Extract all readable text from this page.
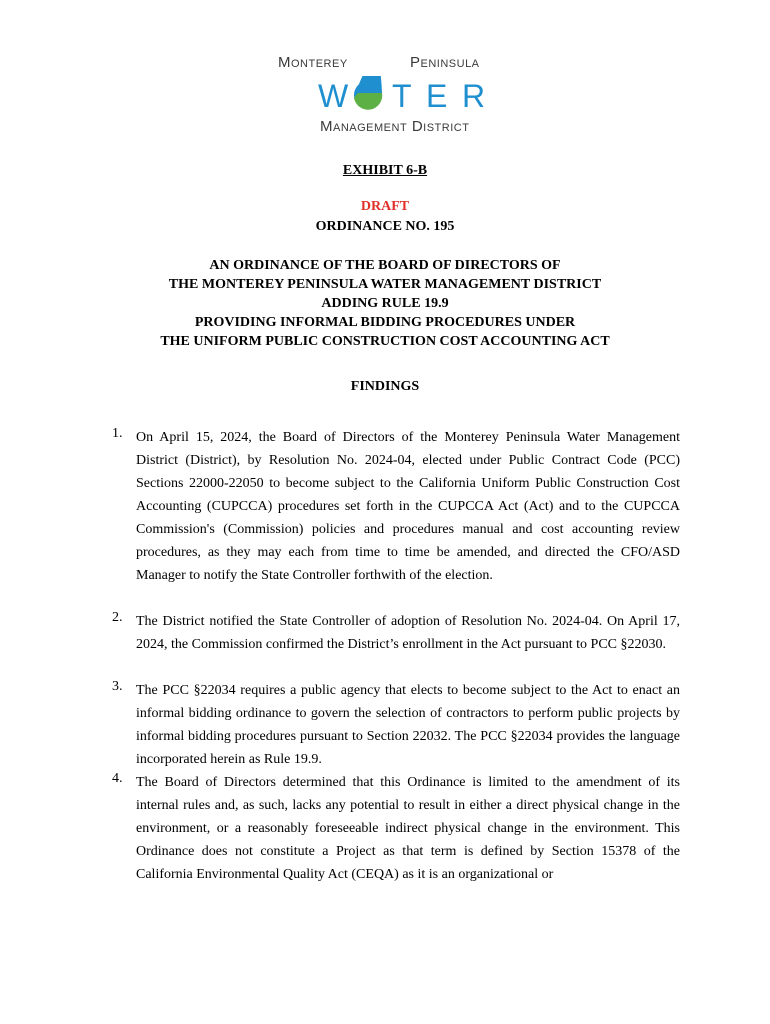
Monterey	Peninsula
W T E R
Management District
EXHIBIT 6-B
DRAFT
ORDINANCE NO. 195
AN ORDINANCE OF THE BOARD OF DIRECTORS OF
THE MONTEREY PENINSULA WATER MANAGEMENT DISTRICT
ADDING RULE 19.9
PROVIDING INFORMAL BIDDING PROCEDURES UNDER
THE UNIFORM PUBLIC CONSTRUCTION COST ACCOUNTING ACT
FINDINGS
1. On April 15, 2024, the Board of Directors of the Monterey Peninsula Water Management District (District), by Resolution No. 2024-04, elected under Public Contract Code (PCC) Sections 22000-22050 to become subject to the California Uniform Public Construction Cost Accounting (CUPCCA) procedures set forth in the CUPCCA Act (Act) and to the CUPCCA Commission's (Commission) policies and procedures manual and cost accounting review procedures, as they may each from time to time be amended, and directed the CFO/ASD Manager to notify the State Controller forthwith of the election.
2. The District notified the State Controller of adoption of Resolution No. 2024-04. On April 17, 2024, the Commission confirmed the District’s enrollment in the Act pursuant to PCC §22030.
3. The PCC §22034 requires a public agency that elects to become subject to the Act to enact an informal bidding ordinance to govern the selection of contractors to perform public projects by informal bidding procedures pursuant to Section 22032. The PCC §22034 provides the language incorporated herein as Rule 19.9.
4. The Board of Directors determined that this Ordinance is limited to the amendment of its internal rules and, as such, lacks any potential to result in either a direct physical change in the environment, or a reasonably foreseeable indirect physical change in the environment. This Ordinance does not constitute a Project as that term is defined by Section 15378 of the California Environmental Quality Act (CEQA) as it is an organizational or
